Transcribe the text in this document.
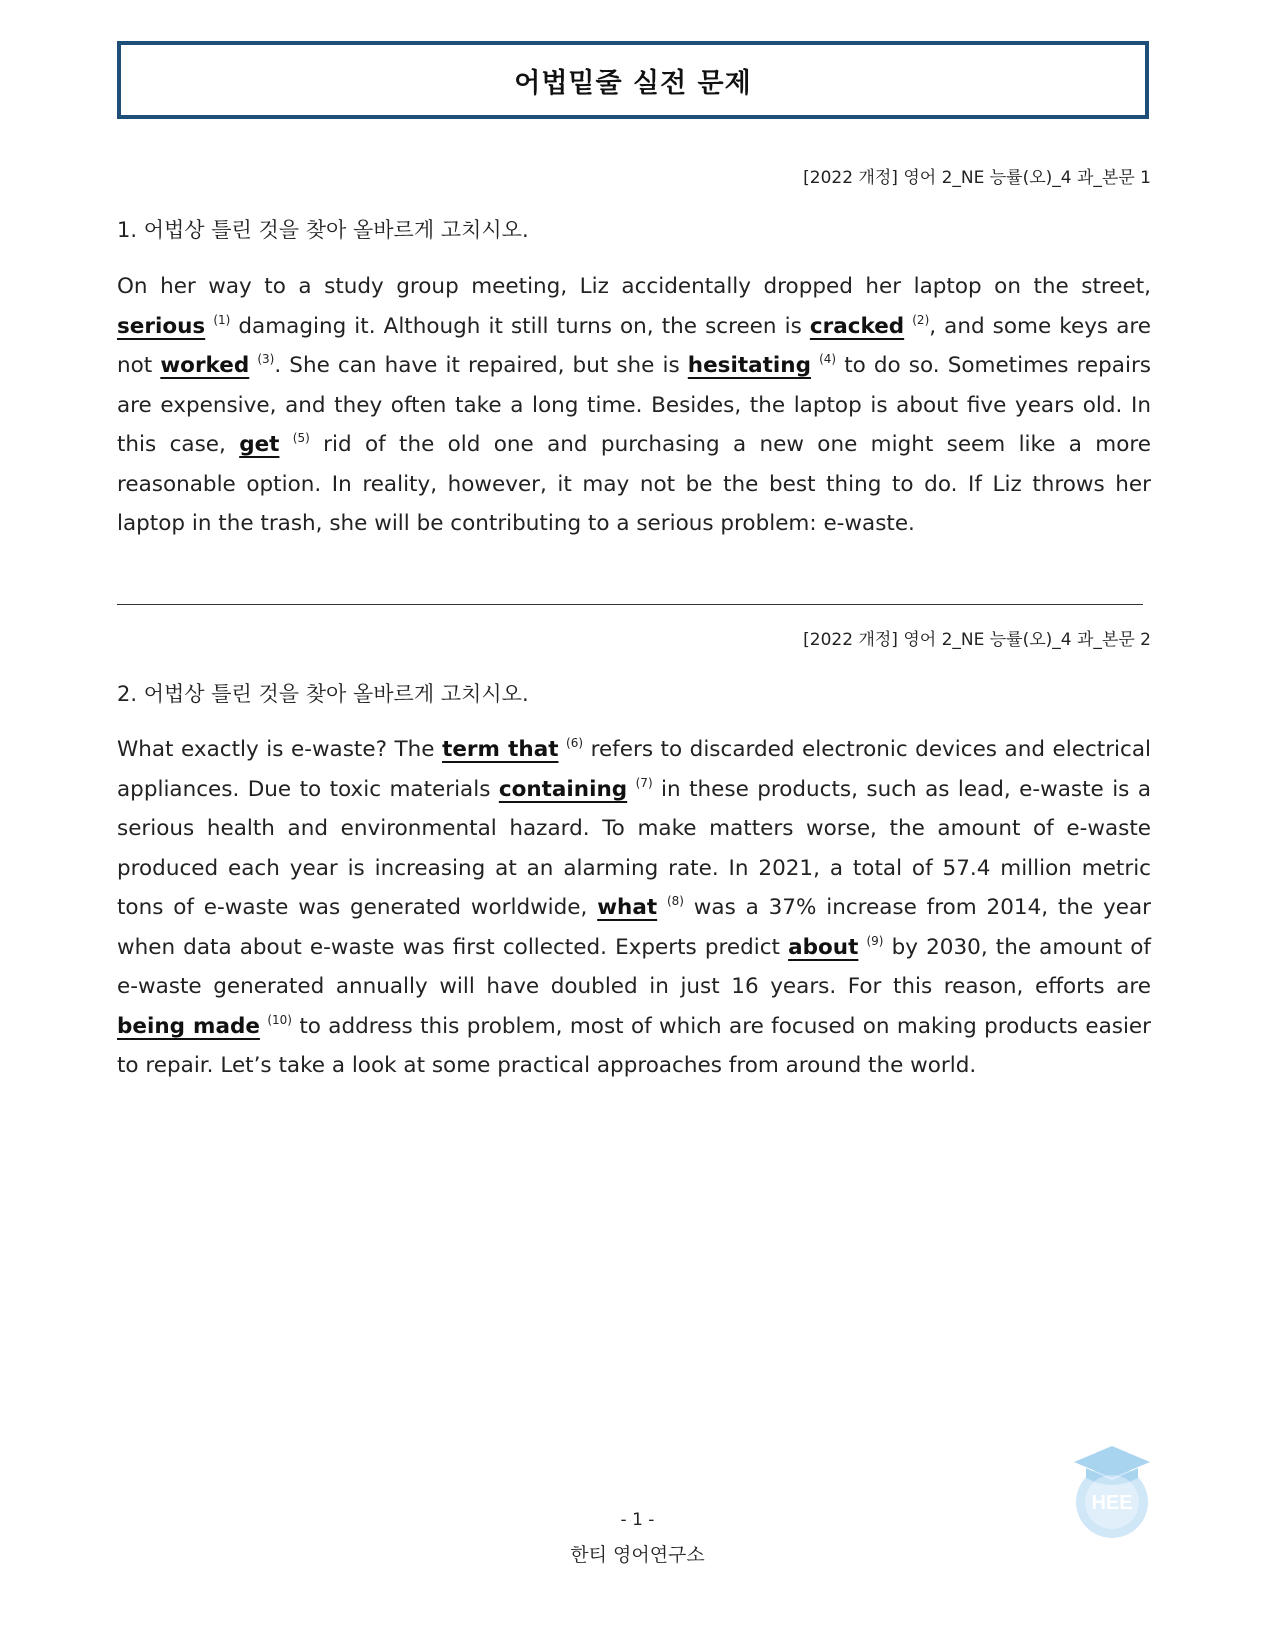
어법밑줄 실전 문제
[2022 개정] 영어 2_NE 능률(오)_4 과_본문 1
1. 어법상 틀린 것을 찾아 올바르게 고치시오.
On her way to a study group meeting, Liz accidentally dropped her laptop on the street, serious $^{(1)}$ damaging it. Although it still turns on, the screen is cracked $^{(2)}$, and some keys are not worked $^{(3)}$. She can have it repaired, but she is hesitating $^{(4)}$ to do so. Sometimes repairs are expensive, and they often take a long time. Besides, the laptop is about five years old. In this case, get $^{(5)}$ rid of the old one and purchasing a new one might seem like a more reasonable option. In reality, however, it may not be the best thing to do. If Liz throws her laptop in the trash, she will be contributing to a serious problem: e-waste.
[2022 개정] 영어 2_NE 능률(오)_4 과_본문 2
2. 어법상 틀린 것을 찾아 올바르게 고치시오.
What exactly is e-waste? The term that $^{(6)}$ refers to discarded electronic devices and electrical appliances. Due to toxic materials containing $^{(7)}$ in these products, such as lead, e-waste is a serious health and environmental hazard. To make matters worse, the amount of e-waste produced each year is increasing at an alarming rate. In 2021, a total of 57.4 million metric tons of e-waste was generated worldwide, what $^{(8)}$ was a 37% increase from 2014, the year when data about e-waste was first collected. Experts predict about $^{(9)}$ by 2030, the amount of e-waste generated annually will have doubled in just 16 years. For this reason, efforts are being made $^{(10)}$ to address this problem, most of which are focused on making products easier to repair. Let’s take a look at some practical approaches from around the world.
HEE
- 1 -
한티 영어연구소
